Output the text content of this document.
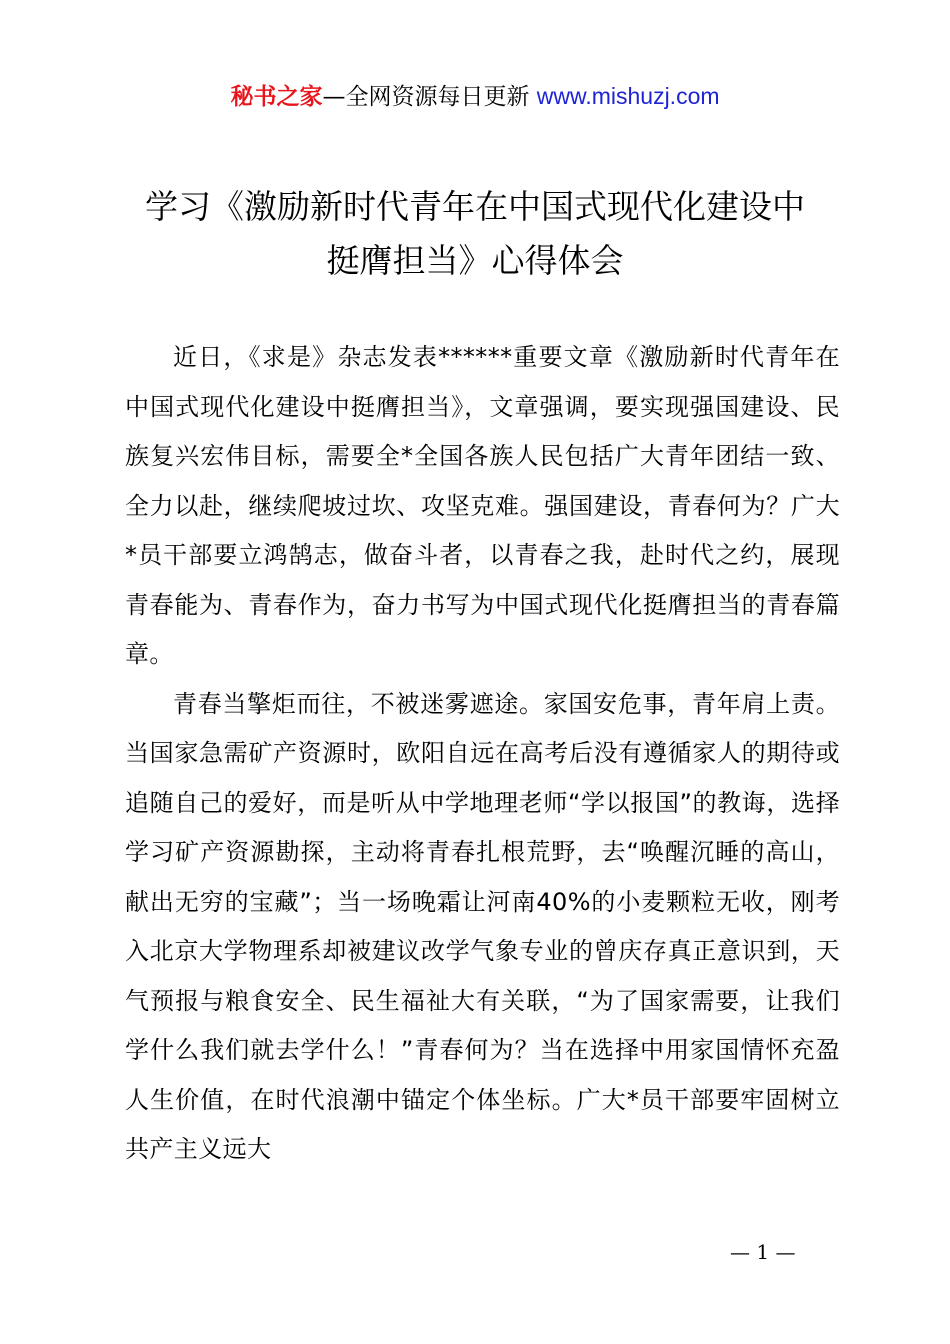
秘书之家—全网资源每日更新 www.mishuzj.com
学习《激励新时代青年在中国式现代化建设中
挺膺担当》心得体会

近日，《求是》杂志发表******重要文章《激励新时代青年在中国式现代化建设中挺膺担当》，文章强调，要实现强国建设、民族复兴宏伟目标，需要全*全国各族人民包括广大青年团结一致、全力以赴，继续爬坡过坎、攻坚克难。强国建设，青春何为？广大*员干部要立鸿鹄志，做奋斗者，以青春之我，赴时代之约，展现青春能为、青春作为，奋力书写为中国式现代化挺膺担当的青春篇章。

青春当擎炬而往，不被迷雾遮途。家国安危事，青年肩上责。当国家急需矿产资源时，欧阳自远在高考后没有遵循家人的期待或追随自己的爱好，而是听从中学地理老师“学以报国”的教诲，选择学习矿产资源勘探，主动将青春扎根荒野，去“唤醒沉睡的高山，献出无穷的宝藏”；当一场晚霜让河南40%的小麦颗粒无收，刚考入北京大学物理系却被建议改学气象专业的曾庆存真正意识到，天气预报与粮食安全、民生福祉大有关联，“为了国家需要，让我们学什么我们就去学什么！”青春何为？当在选择中用家国情怀充盈人生价值，在时代浪潮中锚定个体坐标。广大*员干部要牢固树立共产主义远大

— 1 —
